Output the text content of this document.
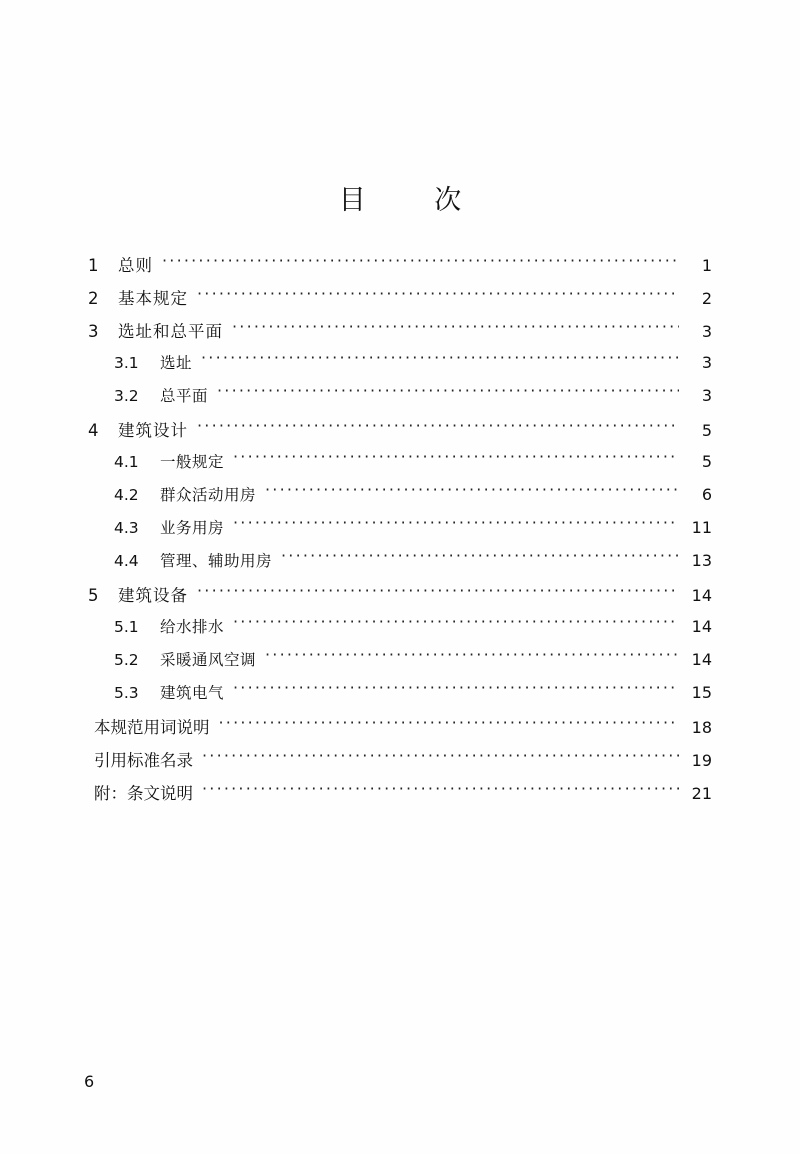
目 次
1	总则 ·····	1
2	基本规定 ·····	2
3	选址和总平面 ·····	3
3.1	选址 ·····	3
3.2	总平面 ·····	3
4	建筑设计 ·····	5
4.1	一般规定 ·····	5
4.2	群众活动用房 ·····	6
4.3	业务用房 ·····	11
4.4	管理、辅助用房 ·····	13
5	建筑设备 ·····	14
5.1	给水排水 ·····	14
5.2	采暖通风空调 ·····	14
5.3	建筑电气 ·····	15
本规范用词说明 ·····	18
引用标准名录 ·····	19
附：条文说明 ·····	21
6
